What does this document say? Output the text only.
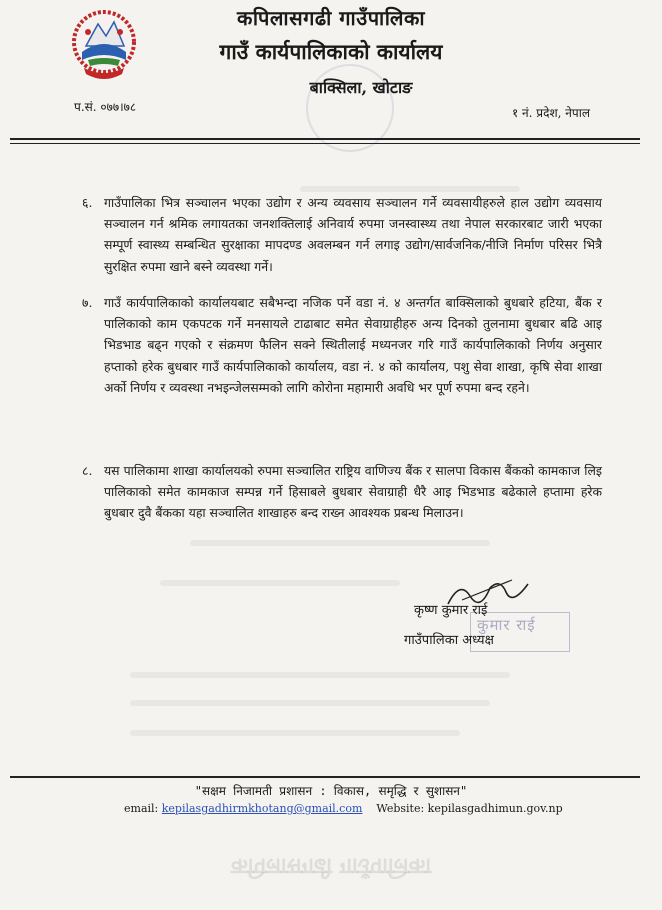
कपिलासगढी गाउँपालिका
गाउँ कार्यपालिकाको कार्यालय
बाक्सिला, खोटाङ
प.सं. ०७७।७८	१ नं. प्रदेश, नेपाल
६. गाउँपालिका भित्र सञ्चालन भएका उद्योग र अन्य व्यवसाय सञ्चालन गर्ने व्यवसायीहरुले हाल उद्योग व्यवसाय सञ्चालन गर्न श्रमिक लगायतका जनशक्तिलाई अनिवार्य रुपमा जनस्वास्थ्य तथा नेपाल सरकारबाट जारी भएका सम्पूर्ण स्वास्थ्य सम्बन्धित सुरक्षाका मापदण्ड अवलम्बन गर्न लगाइ उद्योग/सार्वजनिक/नीजि निर्माण परिसर भित्रै सुरक्षित रुपमा खाने बस्ने व्यवस्था गर्ने।
७. गाउँ कार्यपालिकाको कार्यालयबाट सबैभन्दा नजिक पर्ने वडा नं. ४ अन्तर्गत बाक्सिलाको बुधबारे हटिया, बैंक र पालिकाको काम एकपटक गर्ने मनसायले टाढाबाट समेत सेवाग्राहीहरु अन्य दिनको तुलनामा बुधबार बढि आइ भिडभाड बढ्न गएको र संक्रमण फैलिन सक्ने स्थितीलाई मध्यनजर गरि गाउँ कार्यपालिकाको निर्णय अनुसार हप्ताको हरेक बुधबार गाउँ कार्यपालिकाको कार्यालय, वडा नं. ४ को कार्यालय, पशु सेवा शाखा, कृषि सेवा शाखा अर्को निर्णय र व्यवस्था नभइन्जेलसम्मको लागि कोरोना महामारी अवधि भर पूर्ण रुपमा बन्द रहने।
८. यस पालिकामा शाखा कार्यालयको रुपमा सञ्चालित राष्ट्रिय वाणिज्य बैंक र सालपा विकास बैंकको कामकाज लिइ पालिकाको समेत कामकाज सम्पन्न गर्ने हिसाबले बुधबार सेवाग्राही धैरै आइ भिडभाड बढेकाले हप्तामा हरेक बुधबार दुवै बैंकका यहा सञ्चालित शाखाहरु बन्द राख्न आवश्यक प्रबन्ध मिलाउन।
कुमार राई
कृष्ण कुमार राई
गाउँपालिका अध्यक्ष
"सक्षम निजामती प्रशासन : विकास, समृद्धि र सुशासन"
email: kepilasgadhirmkhotang@gmail.com Website: kepilasgadhimun.gov.np
कपिलासगढी गाउँपालिका
